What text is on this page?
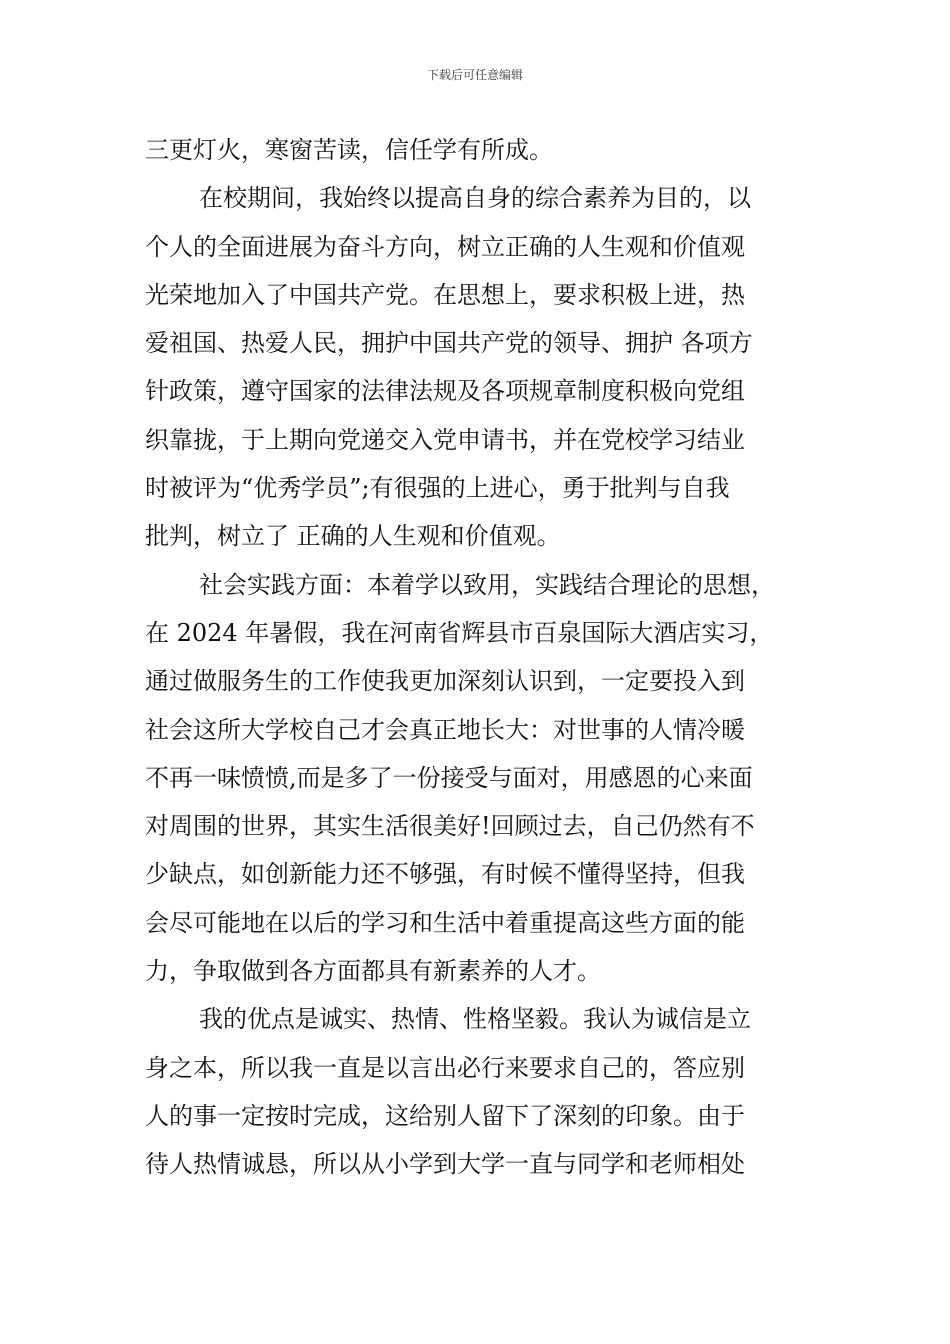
下载后可任意编辑
三更灯火，寒窗苦读，信任学有所成。
在校期间，我始终以提高自身的综合素养为目的，以
个人的全面进展为奋斗方向，树立正确的人生观和价值观
光荣地加入了中国共产党。在思想上，要求积极上进，热
爱祖国、热爱人民，拥护中国共产党的领导、拥护 各项方
针政策，遵守国家的法律法规及各项规章制度积极向党组
织靠拢，于上期向党递交入党申请书，并在党校学习结业
时被评为“优秀学员”;有很强的上进心，勇于批判与自我
批判，树立了 正确的人生观和价值观。
社会实践方面：本着学以致用，实践结合理论的思想，
在 2024 年暑假，我在河南省辉县市百泉国际大酒店实习，
通过做服务生的工作使我更加深刻认识到，一定要投入到
社会这所大学校自己才会真正地长大：对世事的人情冷暖
不再一味愤愤,而是多了一份接受与面对，用感恩的心来面
对周围的世界，其实生活很美好!回顾过去，自己仍然有不
少缺点，如创新能力还不够强，有时候不懂得坚持，但我
会尽可能地在以后的学习和生活中着重提高这些方面的能
力，争取做到各方面都具有新素养的人才。
我的优点是诚实、热情、性格坚毅。我认为诚信是立
身之本，所以我一直是以言出必行来要求自己的，答应别
人的事一定按时完成，这给别人留下了深刻的印象。由于
待人热情诚恳，所以从小学到大学一直与同学和老师相处
